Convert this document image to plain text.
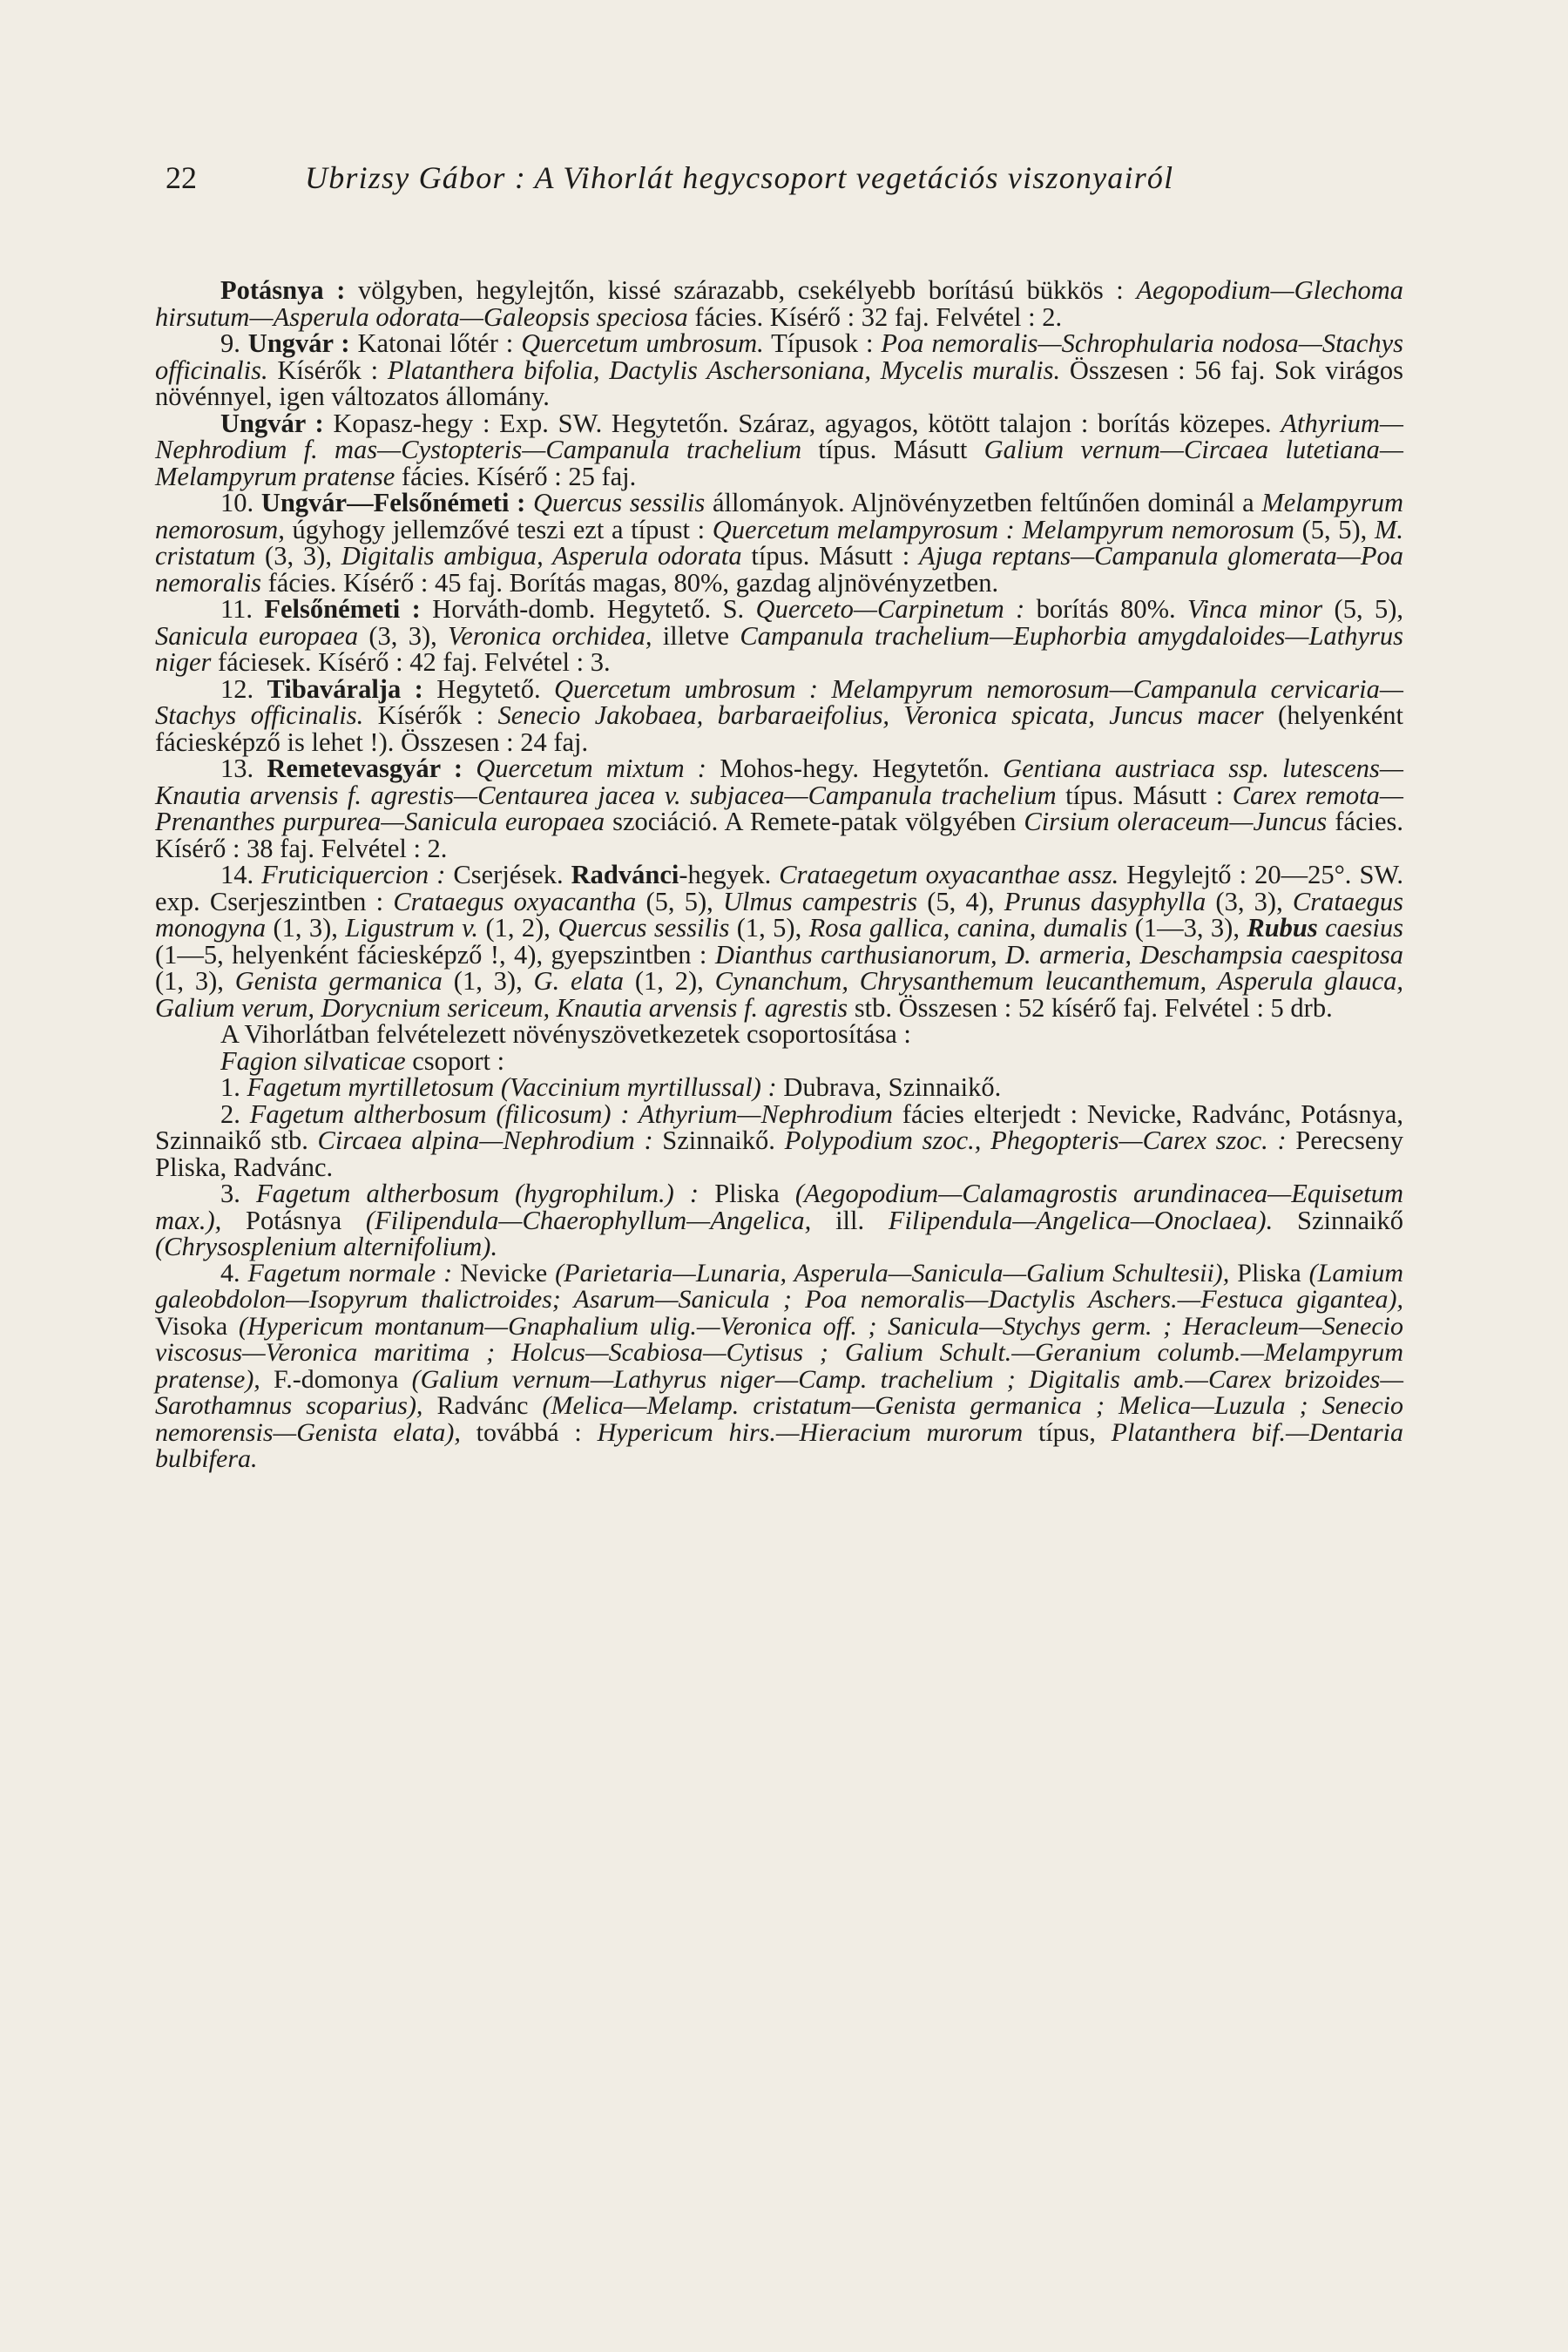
22	Ubrizsy Gábor : A Vihorlát hegycsoport vegetációs viszonyairól

Potásnya : völgyben, hegylejtőn, kissé szárazabb, csekélyebb borítású bükkös : Aegopodium—Glechoma hirsutum—Asperula odorata—Galeopsis speciosa fácies. Kísérő : 32 faj. Felvétel : 2.

9. Ungvár : Katonai lőtér : Quercetum umbrosum. Típusok : Poa nemoralis—Schrophularia nodosa—Stachys officinalis. Kísérők : Platanthera bifolia, Dactylis Aschersoniana, Mycelis muralis. Összesen : 56 faj. Sok virágos növénnyel, igen változatos állomány.

Ungvár : Kopasz-hegy : Exp. SW. Hegytetőn. Száraz, agyagos, kötött talajon : borítás közepes. Athyrium—Nephrodium f. mas—Cystopteris—Campanula trachelium típus. Másutt Galium vernum—Circaea lutetiana—Melampyrum pratense fácies. Kísérő : 25 faj.

10. Ungvár—Felsőnémeti : Quercus sessilis állományok. Aljnövényzetben feltűnően dominál a Melampyrum nemorosum, úgyhogy jellemzővé teszi ezt a típust : Quercetum melampyrosum : Melampyrum nemorosum (5, 5), M. cristatum (3, 3), Digitalis ambigua, Asperula odorata típus. Másutt : Ajuga reptans—Campanula glomerata—Poa nemoralis fácies. Kísérő : 45 faj. Borítás magas, 80%, gazdag aljnövényzetben.

11. Felsőnémeti : Horváth-domb. Hegytető. S. Querceto—Carpinetum : borítás 80%. Vinca minor (5, 5), Sanicula europaea (3, 3), Veronica orchidea, illetve Campanula trachelium—Euphorbia amygdaloides—Lathyrus niger fáciesek. Kísérő : 42 faj. Felvétel : 3.

12. Tibaváralja : Hegytető. Quercetum umbrosum : Melampyrum nemorosum—Campanula cervicaria—Stachys officinalis. Kísérők : Senecio Jakobaea, barbaraeifolius, Veronica spicata, Juncus macer (helyenként fáciesképző is lehet !). Összesen : 24 faj.

13. Remetevasgyár : Quercetum mixtum : Mohos-hegy. Hegytetőn. Gentiana austriaca ssp. lutescens—Knautia arvensis f. agrestis—Centaurea jacea v. subjacea—Campanula trachelium típus. Másutt : Carex remota—Prenanthes purpurea—Sanicula europaea szociáció. A Remete-patak völgyében Cirsium oleraceum—Juncus fácies. Kísérő : 38 faj. Felvétel : 2.

14. Fruticiquercion : Cserjések. Radvánci-hegyek. Crataegetum oxyacanthae assz. Hegylejtő : 20—25°. SW. exp. Cserjeszintben : Crataegus oxyacantha (5, 5), Ulmus campestris (5, 4), Prunus dasyphylla (3, 3), Crataegus monogyna (1, 3), Ligustrum v. (1, 2), Quercus sessilis (1, 5), Rosa gallica, canina, dumalis (1—3, 3), Rubus caesius (1—5, helyenként fáciesképző !, 4), gyepszintben : Dianthus carthusianorum, D. armeria, Deschampsia caespitosa (1, 3), Genista germanica (1, 3), G. elata (1, 2), Cynanchum, Chrysanthemum leucanthemum, Asperula glauca, Galium verum, Dorycnium sericeum, Knautia arvensis f. agrestis stb. Összesen : 52 kísérő faj. Felvétel : 5 drb.

A Vihorlátban felvételezett növényszövetkezetek csoportosítása :

Fagion silvaticae csoport :

1. Fagetum myrtilletosum (Vaccinium myrtillussal) : Dubrava, Szinnaikő.

2. Fagetum altherbosum (filicosum) : Athyrium—Nephrodium fácies elterjedt : Nevicke, Radvánc, Potásnya, Szinnaikő stb. Circaea alpina—Nephrodium : Szinnaikő. Polypodium szoc., Phegopteris—Carex szoc. : Perecseny Pliska, Radvánc.

3. Fagetum altherbosum (hygrophilum.) : Pliska (Aegopodium—Calamagrostis arundinacea—Equisetum max.), Potásnya (Filipendula—Chaerophyllum—Angelica, ill. Filipendula—Angelica—Onoclaea). Szinnaikő (Chrysosplenium alternifolium).

4. Fagetum normale : Nevicke (Parietaria—Lunaria, Asperula—Sanicula—Galium Schultesii), Pliska (Lamium galeobdolon—Isopyrum thalictroides; Asarum—Sanicula ; Poa nemoralis—Dactylis Aschers.—Festuca gigantea), Visoka (Hypericum montanum—Gnaphalium ulig.—Veronica off. ; Sanicula—Stychys germ. ; Heracleum—Senecio viscosus—Veronica maritima ; Holcus—Scabiosa—Cytisus ; Galium Schult.—Geranium columb.—Melampyrum pratense), F.-domonya (Galium vernum—Lathyrus niger—Camp. trachelium ; Digitalis amb.—Carex brizoides—Sarothamnus scoparius), Radvánc (Melica—Melamp. cristatum—Genista germanica ; Melica—Luzula ; Senecio nemorensis—Genista elata), továbbá : Hypericum hirs.—Hieracium murorum típus, Platanthera bif.—Dentaria bulbifera.
